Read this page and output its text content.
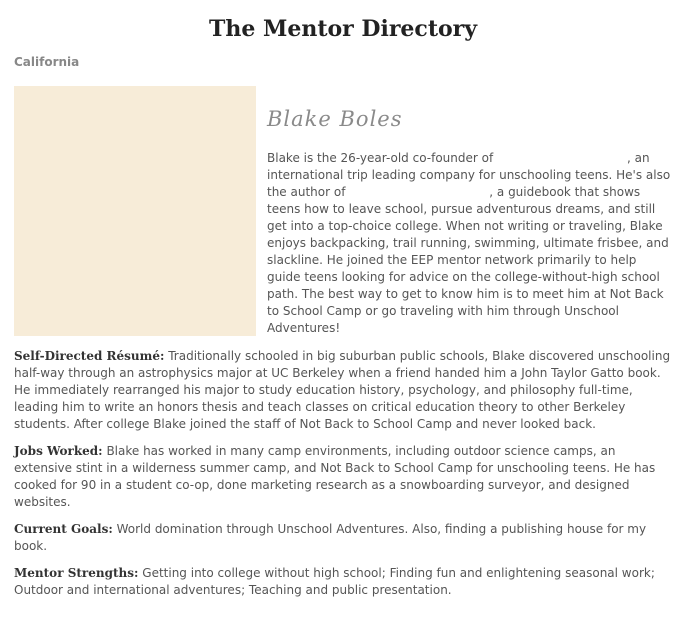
The Mentor Directory
California
Blake Boles
Blake is the 26-year-old co-founder of	, an international trip leading company for unschooling teens. He's also the author of	, a guidebook that shows teens how to leave school, pursue adventurous dreams, and still get into a top-choice college. When not writing or traveling, Blake enjoys backpacking, trail running, swimming, ultimate frisbee, and slackline. He joined the EEP mentor network primarily to help guide teens looking for advice on the college-without-high school path. The best way to get to know him is to meet him at Not Back to School Camp or go traveling with him through Unschool Adventures!
Self-Directed Résumé: Traditionally schooled in big suburban public schools, Blake discovered unschooling half-way through an astrophysics major at UC Berkeley when a friend handed him a John Taylor Gatto book. He immediately rearranged his major to study education history, psychology, and philosophy full-time, leading him to write an honors thesis and teach classes on critical education theory to other Berkeley students. After college Blake joined the staff of Not Back to School Camp and never looked back.
Jobs Worked: Blake has worked in many camp environments, including outdoor science camps, an extensive stint in a wilderness summer camp, and Not Back to School Camp for unschooling teens. He has cooked for 90 in a student co-op, done marketing research as a snowboarding surveyor, and designed websites.
Current Goals: World domination through Unschool Adventures. Also, finding a publishing house for my book.
Mentor Strengths: Getting into college without high school; Finding fun and enlightening seasonal work; Outdoor and international adventures; Teaching and public presentation.
